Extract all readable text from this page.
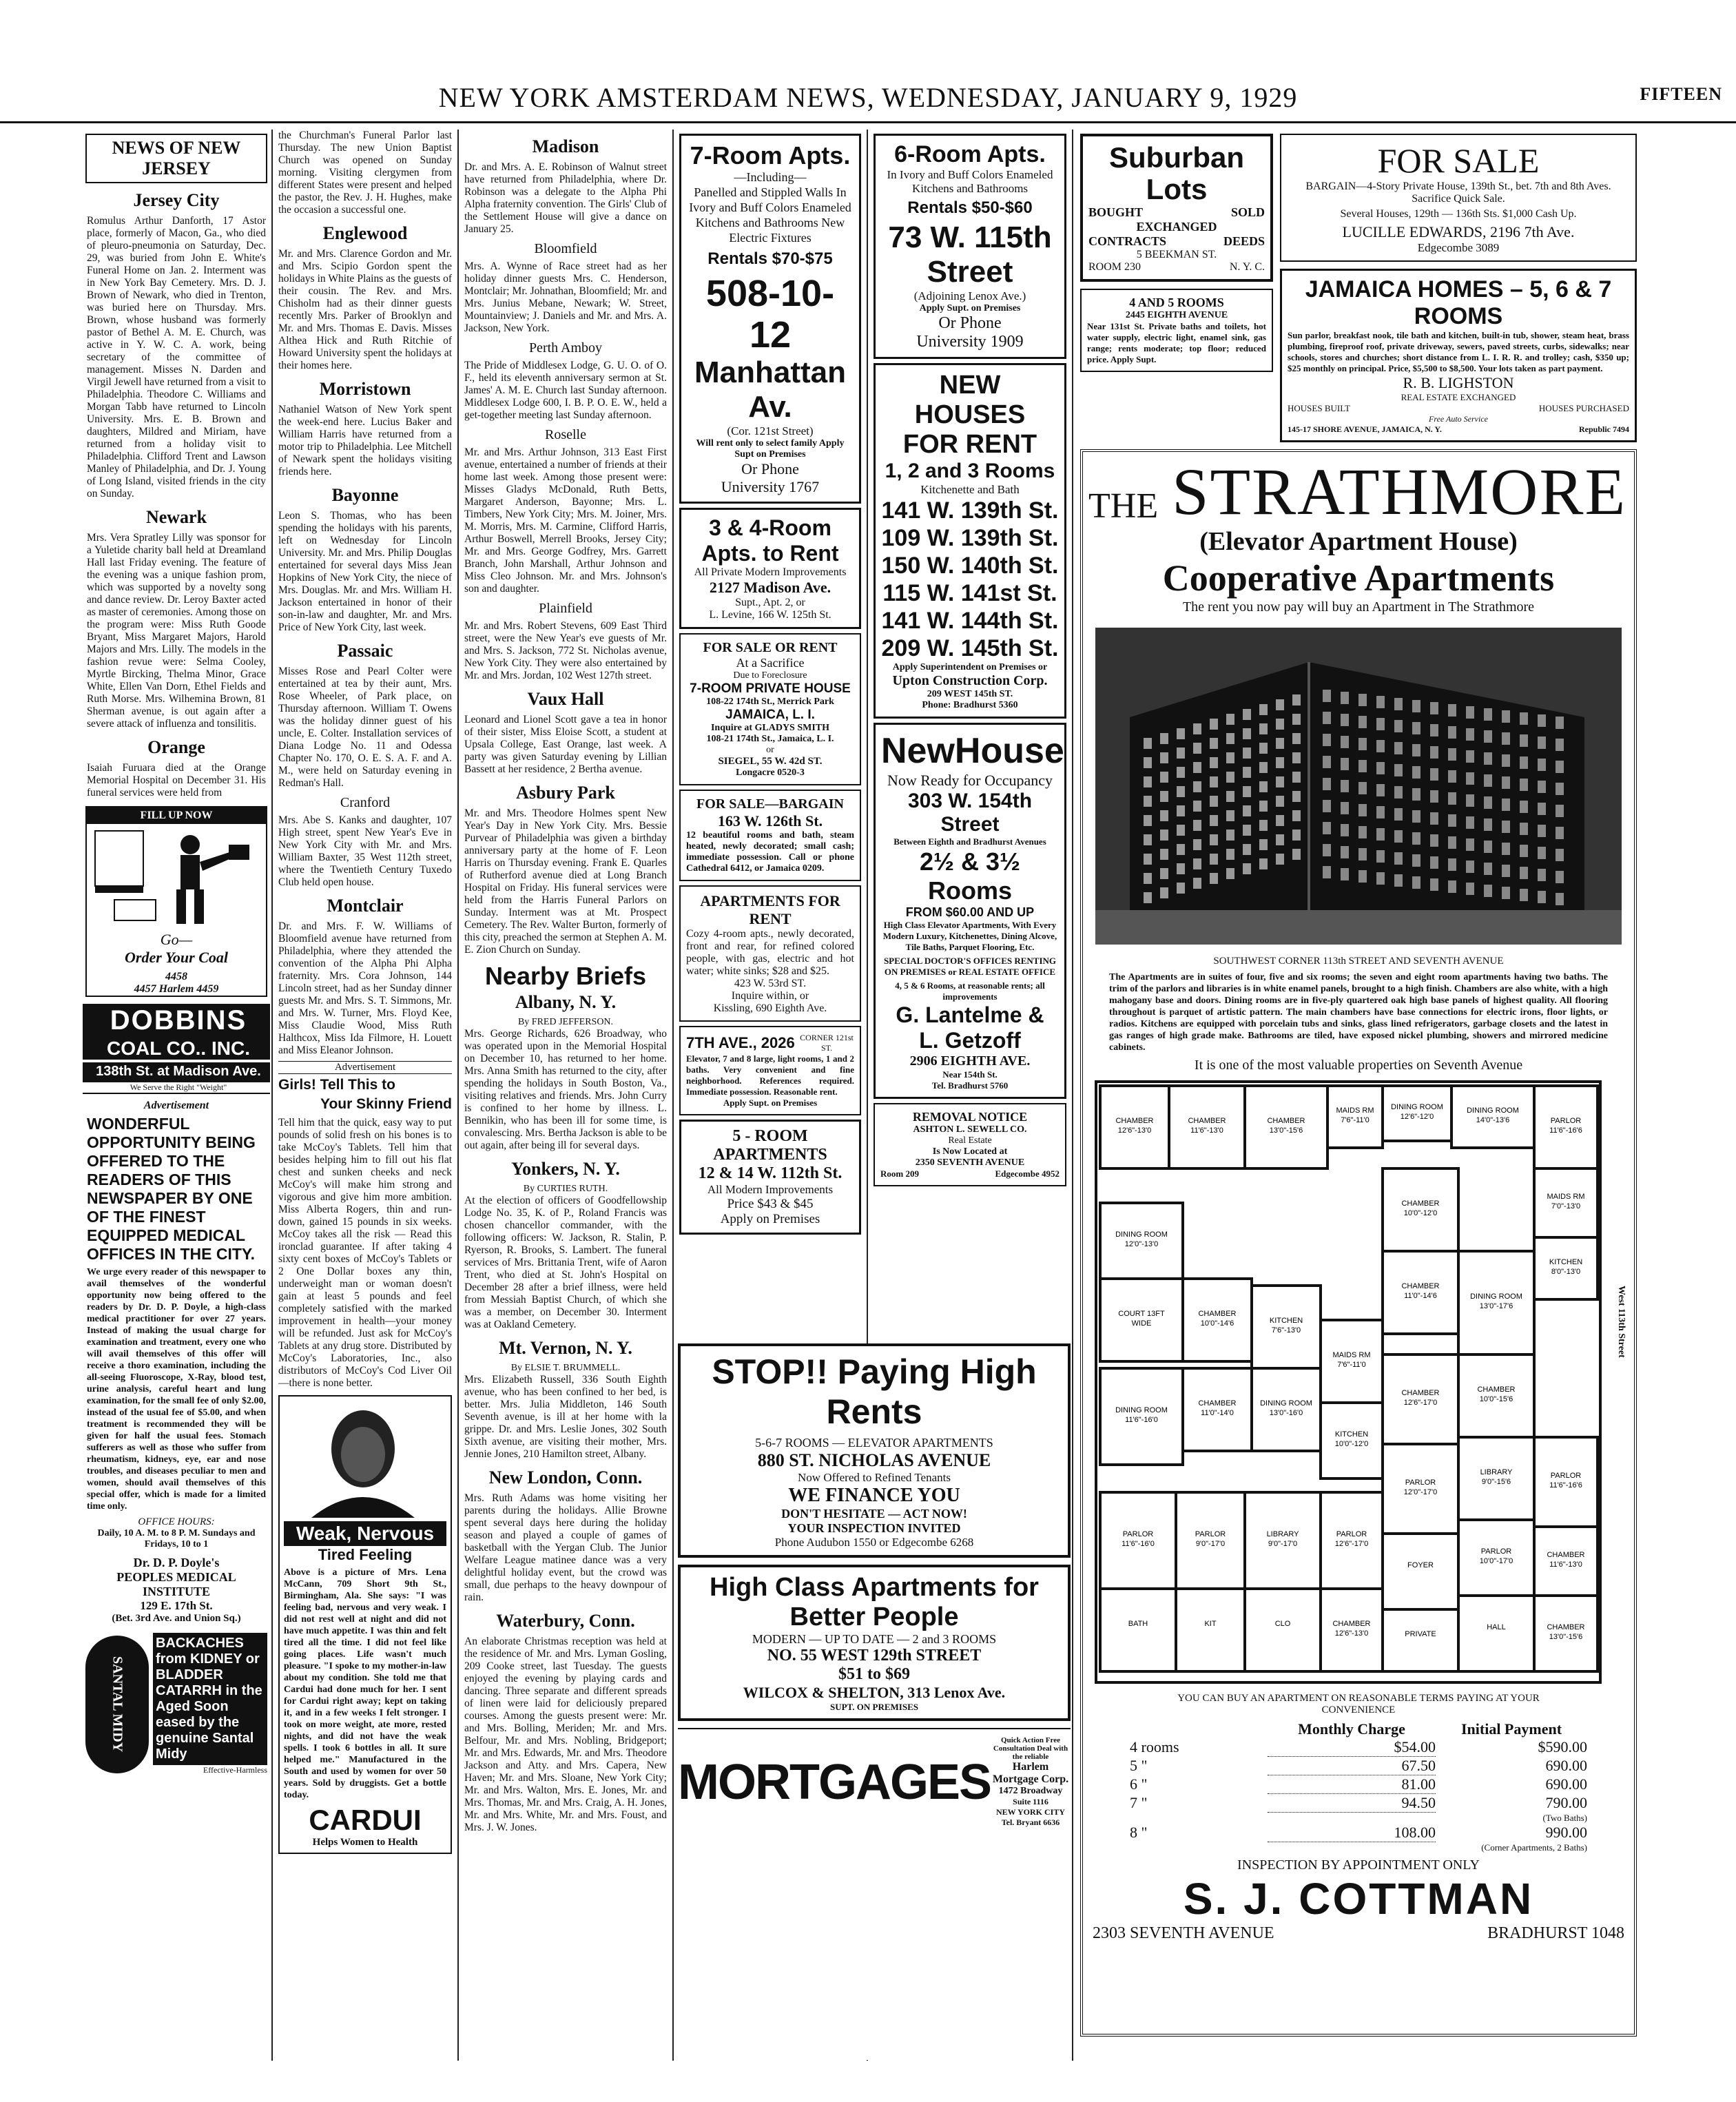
NEW YORK AMSTERDAM NEWS, WEDNESDAY, JANUARY 9, 1929	FIFTEEN
NEWS OF NEW JERSEY
Jersey City

Romulus Arthur Danforth, 17 Astor place, formerly of Macon, Ga., who died of pleuro-pneumonia on Saturday, Dec. 29, was buried from John E. White's Funeral Home on Jan. 2. Interment was in New York Bay Cemetery. Mrs. D. J. Brown of Newark, who died in Trenton, was buried here on Thursday. Mrs. Brown, whose husband was formerly pastor of Bethel A. M. E. Church, was active in Y. W. C. A. work, being secretary of the committee of management. Misses N. Darden and Virgil Jewell have returned from a visit to Philadelphia. Theodore C. Williams and Morgan Tabb have returned to Lincoln University. Mrs. E. B. Brown and daughters, Mildred and Miriam, have returned from a holiday visit to Philadelphia. Clifford Trent and Lawson Manley of Philadelphia, and Dr. J. Young of Long Island, visited friends in the city on Sunday.

Newark

Mrs. Vera Spratley Lilly was sponsor for a Yuletide charity ball held at Dreamland Hall last Friday evening. The feature of the evening was a unique fashion prom, which was supported by a novelty song and dance review. Dr. Leroy Baxter acted as master of ceremonies. Among those on the program were: Miss Ruth Goode Bryant, Miss Margaret Majors, Harold Majors and Mrs. Lilly. The models in the fashion revue were: Selma Cooley, Myrtle Bircking, Thelma Minor, Grace White, Ellen Van Dorn, Ethel Fields and Ruth Morse. Mrs. Wilhemina Brown, 81 Sherman avenue, is out again after a severe attack of influenza and tonsilitis.

Orange

Isaiah Furuara died at the Orange Memorial Hospital on December 31. His funeral services were held from

FILL UP NOW
Go—
Order Your Coal
4458
4457 Harlem 4459
DOBBINS
COAL CO.. INC.
138th St. at Madison Ave.
We Serve the Right "Weight"
Advertisement
WONDERFUL OPPORTUNITY BEING OFFERED TO THE READERS OF THIS NEWSPAPER BY ONE OF THE FINEST EQUIPPED MEDICAL OFFICES IN THE CITY.

We urge every reader of this newspaper to avail themselves of the wonderful opportunity now being offered to the readers by Dr. D. P. Doyle, a high-class medical practitioner for over 27 years. Instead of making the usual charge for examination and treatment, every one who will avail themselves of this offer will receive a thoro examination, including the all-seeing Fluoroscope, X-Ray, blood test, urine analysis, careful heart and lung examination, for the small fee of only $2.00, instead of the usual fee of $5.00, and when treatment is recommended they will be given for half the usual fees. Stomach sufferers as well as those who suffer from rheumatism, kidneys, eye, ear and nose troubles, and diseases peculiar to men and women, should avail themselves of this special offer, which is made for a limited time only.

OFFICE HOURS:
Daily, 10 A. M. to 8 P. M. Sundays and Fridays, 10 to 1
Dr. D. P. Doyle's
PEOPLES MEDICAL INSTITUTE
129 E. 17th St.
(Bet. 3rd Ave. and Union Sq.)
SANTAL MIDY
BACKACHES from KIDNEY or BLADDER CATARRH in the Aged Soon eased by the genuine Santal Midy
Effective-Harmless

the Churchman's Funeral Parlor last Thursday. The new Union Baptist Church was opened on Sunday morning. Visiting clergymen from different States were present and helped the pastor, the Rev. J. H. Hughes, make the occasion a successful one.

Englewood

Mr. and Mrs. Clarence Gordon and Mr. and Mrs. Scipio Gordon spent the holidays in White Plains as the guests of their cousin. The Rev. and Mrs. Chisholm had as their dinner guests recently Mrs. Parker of Brooklyn and Mr. and Mrs. Thomas E. Davis. Misses Althea Hick and Ruth Ritchie of Howard University spent the holidays at their homes here.

Morristown

Nathaniel Watson of New York spent the week-end here. Lucius Baker and William Harris have returned from a motor trip to Philadelphia. Lee Mitchell of Newark spent the holidays visiting friends here.

Bayonne

Leon S. Thomas, who has been spending the holidays with his parents, left on Wednesday for Lincoln University. Mr. and Mrs. Philip Douglas entertained for several days Miss Jean Hopkins of New York City, the niece of Mrs. Douglas. Mr. and Mrs. William H. Jackson entertained in honor of their son-in-law and daughter, Mr. and Mrs. Price of New York City, last week.

Passaic

Misses Rose and Pearl Colter were entertained at tea by their aunt, Mrs. Rose Wheeler, of Park place, on Thursday afternoon. William T. Owens was the holiday dinner guest of his uncle, E. Colter. Installation services of Diana Lodge No. 11 and Odessa Chapter No. 170, O. E. S. A. F. and A. M., were held on Saturday evening in Redman's Hall.

Cranford

Mrs. Abe S. Kanks and daughter, 107 High street, spent New Year's Eve in New York City with Mr. and Mrs. William Baxter, 35 West 112th street, where the Twentieth Century Tuxedo Club held open house.

Montclair

Dr. and Mrs. F. W. Williams of Bloomfield avenue have returned from Philadelphia, where they attended the convention of the Alpha Phi Alpha fraternity. Mrs. Cora Johnson, 144 Lincoln street, had as her Sunday dinner guests Mr. and Mrs. S. T. Simmons, Mr. and Mrs. W. Turner, Mrs. Floyd Kee, Miss Claudie Wood, Miss Ruth Halthcox, Miss Ida Filmore, H. Louett and Miss Eleanor Johnson.

Advertisement
Girls! Tell This to
Your Skinny Friend

Tell him that the quick, easy way to put pounds of solid fresh on his bones is to take McCoy's Tablets. Tell him that besides helping him to fill out his flat chest and sunken cheeks and neck McCoy's will make him strong and vigorous and give him more ambition. Miss Alberta Rogers, thin and run-down, gained 15 pounds in six weeks. McCoy takes all the risk — Read this ironclad guarantee. If after taking 4 sixty cent boxes of McCoy's Tablets or 2 One Dollar boxes any thin, underweight man or woman doesn't gain at least 5 pounds and feel completely satisfied with the marked improvement in health—your money will be refunded. Just ask for McCoy's Tablets at any drug store. Distributed by McCoy's Laboratories, Inc., also distributors of McCoy's Cod Liver Oil—there is none better.

Weak, Nervous
Tired Feeling

Above is a picture of Mrs. Lena McCann, 709 Short 9th St., Birmingham, Ala. She says: "I was feeling bad, nervous and very weak. I did not rest well at night and did not have much appetite. I was thin and felt tired all the time. I did not feel like going places. Life wasn't much pleasure. "I spoke to my mother-in-law about my condition. She told me that Cardui had done much for her. I sent for Cardui right away; kept on taking it, and in a few weeks I felt stronger. I took on more weight, ate more, rested nights, and did not have the weak spells. I took 6 bottles in all. It sure helped me." Manufactured in the South and used by women for over 50 years. Sold by druggists. Get a bottle today.

CARDUI
Helps Women to Health
Madison

Dr. and Mrs. A. E. Robinson of Walnut street have returned from Philadelphia, where Dr. Robinson was a delegate to the Alpha Phi Alpha fraternity convention. The Girls' Club of the Settlement House will give a dance on January 25.

Bloomfield

Mrs. A. Wynne of Race street had as her holiday dinner guests Mrs. C. Henderson, Montclair; Mr. Johnathan, Bloomfield; Mr. and Mrs. Junius Mebane, Newark; W. Street, Mountainview; J. Daniels and Mr. and Mrs. A. Jackson, New York.

Perth Amboy

The Pride of Middlesex Lodge, G. U. O. of O. F., held its eleventh anniversary sermon at St. James' A. M. E. Church last Sunday afternoon. Middlesex Lodge 600, I. B. P. O. E. W., held a get-together meeting last Sunday afternoon.

Roselle

Mr. and Mrs. Arthur Johnson, 313 East First avenue, entertained a number of friends at their home last week. Among those present were: Misses Gladys McDonald, Ruth Betts, Margaret Anderson, Bayonne; Mrs. L. Timbers, New York City; Mrs. M. Joiner, Mrs. M. Morris, Mrs. M. Carmine, Clifford Harris, Arthur Boswell, Merrell Brooks, Jersey City; Mr. and Mrs. George Godfrey, Mrs. Garrett Branch, John Marshall, Arthur Johnson and Miss Cleo Johnson. Mr. and Mrs. Johnson's son and daughter.

Plainfield

Mr. and Mrs. Robert Stevens, 609 East Third street, were the New Year's eve guests of Mr. and Mrs. S. Jackson, 772 St. Nicholas avenue, New York City. They were also entertained by Mr. and Mrs. Jordan, 102 West 127th street.

Vaux Hall

Leonard and Lionel Scott gave a tea in honor of their sister, Miss Eloise Scott, a student at Upsala College, East Orange, last week. A party was given Saturday evening by Lillian Bassett at her residence, 2 Bertha avenue.

Asbury Park

Mr. and Mrs. Theodore Holmes spent New Year's Day in New York City. Mrs. Bessie Purvear of Philadelphia was given a birthday anniversary party at the home of F. Leon Harris on Thursday evening. Frank E. Quarles of Rutherford avenue died at Long Branch Hospital on Friday. His funeral services were held from the Harris Funeral Parlors on Sunday. Interment was at Mt. Prospect Cemetery. The Rev. Walter Burton, formerly of this city, preached the sermon at Stephen A. M. E. Zion Church on Sunday.

Nearby Briefs
Albany, N. Y.
By FRED JEFFERSON.

Mrs. George Richards, 626 Broadway, who was operated upon in the Memorial Hospital on December 10, has returned to her home. Mrs. Anna Smith has returned to the city, after spending the holidays in South Boston, Va., visiting relatives and friends. Mrs. John Curry is confined to her home by illness. L. Bennikin, who has been ill for some time, is convalescing. Mrs. Bertha Jackson is able to be out again, after being ill for several days.

Yonkers, N. Y.
By CURTIES RUTH.

At the election of officers of Goodfellowship Lodge No. 35, K. of P., Roland Francis was chosen chancellor commander, with the following officers: W. Jackson, R. Stalin, P. Ryerson, R. Brooks, S. Lambert. The funeral services of Mrs. Brittania Trent, wife of Aaron Trent, who died at St. John's Hospital on December 28 after a brief illness, were held from Messiah Baptist Church, of which she was a member, on December 30. Interment was at Oakland Cemetery.

Mt. Vernon, N. Y.
By ELSIE T. BRUMMELL.

Mrs. Elizabeth Russell, 336 South Eighth avenue, who has been confined to her bed, is better. Mrs. Julia Middleton, 146 South Seventh avenue, is ill at her home with la grippe. Dr. and Mrs. Leslie Jones, 302 South Sixth avenue, are visiting their mother, Mrs. Jennie Jones, 210 Hamilton street, Albany.

New London, Conn.

Mrs. Ruth Adams was home visiting her parents during the holidays. Allie Browne spent several days here during the holiday season and played a couple of games of basketball with the Yergan Club. The Junior Welfare League matinee dance was a very delightful holiday event, but the crowd was small, due perhaps to the heavy downpour of rain.

Waterbury, Conn.

An elaborate Christmas reception was held at the residence of Mr. and Mrs. Lyman Gosling, 209 Cooke street, last Tuesday. The guests enjoyed the evening by playing cards and dancing. Three separate and different spreads of linen were laid for deliciously prepared courses. Among the guests present were: Mr. and Mrs. Bolling, Meriden; Mr. and Mrs. Belfour, Mr. and Mrs. Nobling, Bridgeport; Mr. and Mrs. Edwards, Mr. and Mrs. Theodore Jackson and Atty. and Mrs. Capera, New Haven; Mr. and Mrs. Sloane, New York City; Mr. and Mrs. Walton, Mrs. E. Jones, Mr. and Mrs. Thomas, Mr. and Mrs. Craig, A. H. Jones, Mr. and Mrs. White, Mr. and Mrs. Foust, and Mrs. J. W. Jones.

7-Room Apts.
—Including—
Panelled and Stippled Walls In Ivory and Buff Colors Enameled Kitchens and Bathrooms New Electric Fixtures
Rentals $70-$75
508-10-12
Manhattan Av.
(Cor. 121st Street)
Will rent only to select family Apply Supt on Premises
Or Phone
University 1767
3 & 4-Room
Apts. to Rent
All Private Modern Improvements
2127 Madison Ave.
Supt., Apt. 2, or
L. Levine, 166 W. 125th St.
FOR SALE OR RENT
At a Sacrifice
Due to Foreclosure
7-ROOM PRIVATE HOUSE
108-22 174th St., Merrick Park
JAMAICA, L. I.
Inquire at GLADYS SMITH
108-21 174th St., Jamaica, L. I.
or
SIEGEL, 55 W. 42d ST.
Longacre 0520-3
FOR SALE—BARGAIN
163 W. 126th St.
12 beautiful rooms and bath, steam heated, newly decorated; small cash; immediate possession. Call or phone Cathedral 6412, or Jamaica 0209.
APARTMENTS FOR RENT
Cozy 4-room apts., newly decorated, front and rear, for refined colored people, with gas, electric and hot water; white sinks; $28 and $25.
423 W. 53rd ST.
Inquire within, or
Kissling, 690 Eighth Ave.
7TH AVE., 2026 CORNER 121st ST.
Elevator, 7 and 8 large, light rooms, 1 and 2 baths. Very convenient and fine neighborhood. References required. Immediate possession. Reasonable rent.
Apply Supt. on Premises
5 - ROOM APARTMENTS
12 & 14 W. 112th St.
All Modern Improvements
Price $43 & $45
Apply on Premises
6-Room Apts.
In Ivory and Buff Colors Enameled Kitchens and Bathrooms
Rentals $50-$60
73 W. 115th
Street
(Adjoining Lenox Ave.)
Apply Supt. on Premises
Or Phone
University 1909
NEW HOUSES
FOR RENT
1, 2 and 3 Rooms
Kitchenette and Bath
141 W. 139th St.
109 W. 139th St.
150 W. 140th St.
115 W. 141st St.
141 W. 144th St.
209 W. 145th St.
Apply Superintendent on Premises or
Upton Construction Corp.
209 WEST 145th ST.
Phone: Bradhurst 5360
NewHouse
Now Ready for Occupancy
303 W. 154th Street
Between Eighth and Bradhurst Avenues
2½ & 3½ Rooms
FROM $60.00 AND UP
High Class Elevator Apartments, With Every Modern Luxury, Kitchenettes, Dining Alcove, Tile Baths, Parquet Flooring, Etc.
SPECIAL DOCTOR'S OFFICES RENTING ON PREMISES or REAL ESTATE OFFICE
4, 5 & 6 Rooms, at reasonable rents; all improvements
G. Lantelme &
L. Getzoff
2906 EIGHTH AVE.
Near 154th St.
Tel. Bradhurst 5760
REMOVAL NOTICE
ASHTON L. SEWELL CO.
Real Estate
Is Now Located at
2350 SEVENTH AVENUE
Room 209	Edgecombe 4952
STOP!! Paying High Rents
5-6-7 ROOMS — ELEVATOR APARTMENTS
880 ST. NICHOLAS AVENUE
Now Offered to Refined Tenants
WE FINANCE YOU
DON'T HESITATE — ACT NOW!
YOUR INSPECTION INVITED
Phone Audubon 1550 or Edgecombe 6268
High Class Apartments for
Better People
MODERN — UP TO DATE — 2 and 3 ROOMS
NO. 55 WEST 129th STREET
$51 to $69
WILCOX & SHELTON, 313 Lenox Ave.
SUPT. ON PREMISES
MORTGAGES
Quick Action Free Consultation Deal with the reliable
Harlem Mortgage Corp.
1472 Broadway
Suite 1116
NEW YORK CITY
Tel. Bryant 6636
Suburban
Lots
BOUGHT	SOLD
EXCHANGED
CONTRACTS	DEEDS
5 BEEKMAN ST.
ROOM 230	N. Y. C.
4 AND 5 ROOMS
2445 EIGHTH AVENUE
Near 131st St. Private baths and toilets, hot water supply, electric light, enamel sink, gas range; rents moderate; top floor; reduced price. Apply Supt.
FOR SALE
BARGAIN—4-Story Private House, 139th St., bet. 7th and 8th Aves. Sacrifice Quick Sale.
Several Houses, 129th — 136th Sts. $1,000 Cash Up.
LUCILLE EDWARDS, 2196 7th Ave.
Edgecombe 3089
JAMAICA HOMES – 5, 6 & 7 ROOMS
Sun parlor, breakfast nook, tile bath and kitchen, built-in tub, shower, steam heat, brass plumbing, fireproof roof, private driveway, sewers, paved streets, curbs, sidewalks; near schools, stores and churches; short distance from L. I. R. R. and trolley; cash, $350 up; $25 monthly on principal. Price, $5,500 to $8,500. Your lots taken as part payment.
R. B. LIGHSTON
REAL ESTATE EXCHANGED
HOUSES BUILT	HOUSES PURCHASED
Free Auto Service
145-17 SHORE AVENUE, JAMAICA, N. Y.	Republic 7494
THE STRATHMORE
(Elevator Apartment House)
Cooperative Apartments
The rent you now pay will buy an Apartment in The Strathmore
SOUTHWEST CORNER 113th STREET AND SEVENTH AVENUE
The Apartments are in suites of four, five and six rooms; the seven and eight room apartments having two baths. The trim of the parlors and libraries is in white enamel panels, brought to a high finish. Chambers are also white, with a high mahogany base and doors. Dining rooms are in five-ply quartered oak high base panels of highest quality. All flooring throughout is parquet of artistic pattern. The main chambers have base connections for electric irons, floor lights, or radios. Kitchens are equipped with porcelain tubs and sinks, glass lined refrigerators, garbage closets and the latest in gas ranges of high grade make. Bathrooms are tiled, have exposed nickel plumbing, showers and mirrored medicine cabinets.
It is one of the most valuable properties on Seventh Avenue
CHAMBER 12'6"-13'0
CHAMBER 11'6"-13'0
CHAMBER 13'0"-15'6
MAIDS RM 7'6"-11'0
DINING ROOM 12'6"-12'0
DINING ROOM 14'0"-13'6	PARLOR 11'6"-16'6
MAIDS RM 7'0"-13'0
KITCHEN 8'0"-13'0
CHAMBER 10'0"-12'0
CHAMBER 11'0"-14'6	DINING ROOM 13'0"-17'6
CHAMBER 10'0"-15'6
MAIDS RM 7'6"-11'0
KITCHEN 10'0"-12'0
DINING ROOM 12'0"-13'0
COURT 13FT WIDE
CHAMBER 10'0"-14'6	KITCHEN 7'6"-13'0
CHAMBER 11'0"-14'0
DINING ROOM 13'0"-16'0
DINING ROOM 11'6"-16'0
CHAMBER 12'6"-17'0
PARLOR 12'0"-17'0
LIBRARY 9'0"-15'6
PARLOR 11'6"-16'6
PARLOR 10'0"-17'0
PARLOR 11'6"-16'0
PARLOR 9'0"-17'0
LIBRARY 9'0"-17'0
PARLOR 12'6"-17'0
FOYER
HALL
PRIVATE
BATH	KIT	CLO	CHAMBER 12'6"-13'0
CHAMBER 11'6"-13'0
CHAMBER 13'0"-15'6
West 113th Street
YOU CAN BUY AN APARTMENT ON REASONABLE TERMS PAYING AT YOUR CONVENIENCE
Monthly Charge	Initial Payment
4 rooms	$54.00	$590.00
5 "	67.50	690.00
6 "	81.00	690.00
7 "	94.50	790.00
(Two Baths)
8 "	108.00	990.00
(Corner Apartments, 2 Baths)
INSPECTION BY APPOINTMENT ONLY
S. J. COTTMAN
2303 SEVENTH AVENUE	BRADHURST 1048
